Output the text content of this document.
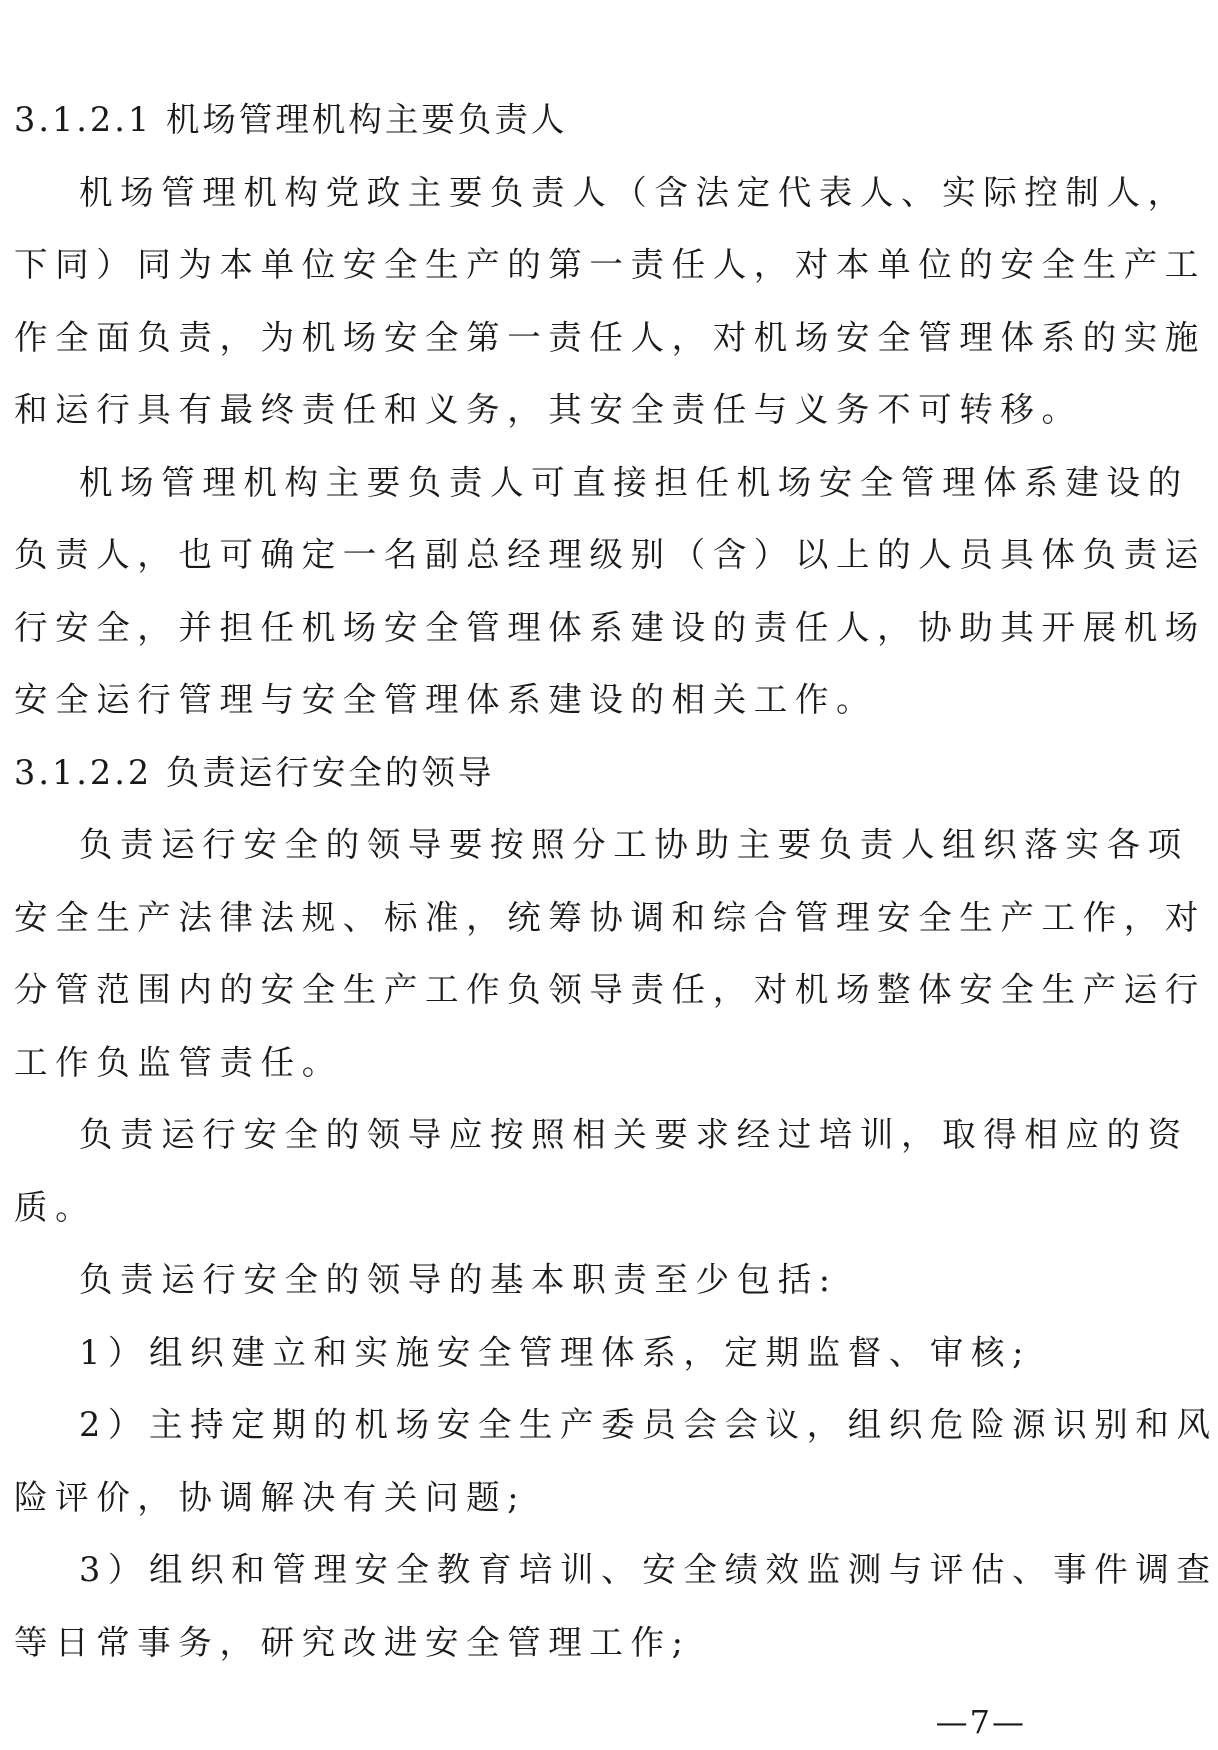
3.1.2.1 机场管理机构主要负责人
机场管理机构党政主要负责人（含法定代表人、实际控制人，
下同）同为本单位安全生产的第一责任人，对本单位的安全生产工
作全面负责，为机场安全第一责任人，对机场安全管理体系的实施
和运行具有最终责任和义务，其安全责任与义务不可转移。
机场管理机构主要负责人可直接担任机场安全管理体系建设的
负责人，也可确定一名副总经理级别（含）以上的人员具体负责运
行安全，并担任机场安全管理体系建设的责任人，协助其开展机场
安全运行管理与安全管理体系建设的相关工作。
3.1.2.2 负责运行安全的领导
负责运行安全的领导要按照分工协助主要负责人组织落实各项
安全生产法律法规、标准，统筹协调和综合管理安全生产工作，对
分管范围内的安全生产工作负领导责任，对机场整体安全生产运行
工作负监管责任。
负责运行安全的领导应按照相关要求经过培训，取得相应的资
质。
负责运行安全的领导的基本职责至少包括:
1）组织建立和实施安全管理体系，定期监督、审核;
2）主持定期的机场安全生产委员会会议，组织危险源识别和风
险评价，协调解决有关问题;
3）组织和管理安全教育培训、安全绩效监测与评估、事件调查
等日常事务，研究改进安全管理工作;
—7—
